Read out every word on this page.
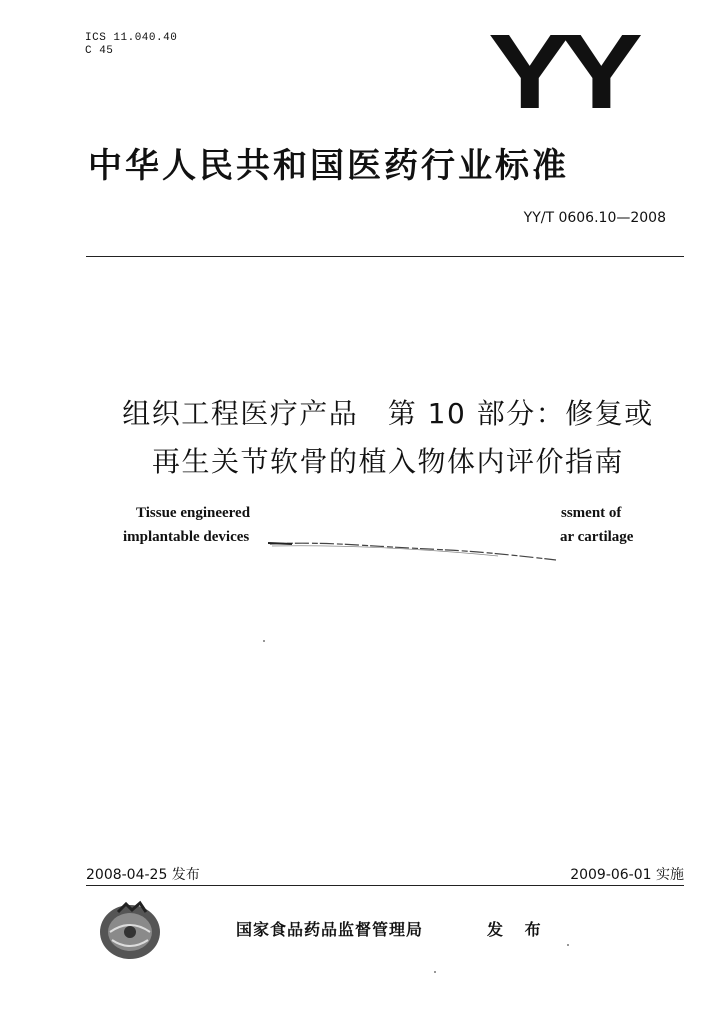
ICS 11.040.40
C 45	YY
中华人民共和国医药行业标准
YY/T 0606.10—2008
组织工程医疗产品　第 10 部分：修复或
再生关节软骨的植入物体内评价指南
Tissue engineered	ssment of
implantable devices	ar cartilage
2008-04-25 发布	2009-06-01 实施
国家食品药品监督管理局	发 布
